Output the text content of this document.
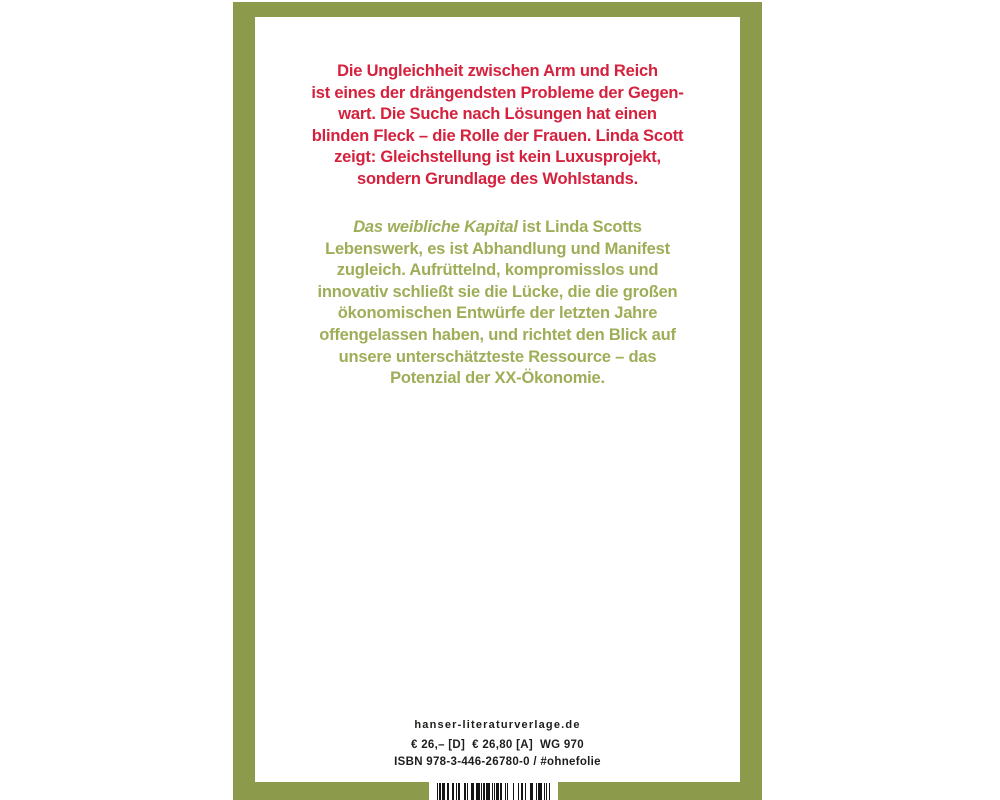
Die Ungleichheit zwischen Arm und Reich
ist eines der drängendsten Probleme der Gegen-
wart. Die Suche nach Lösungen hat einen
blinden Fleck – die Rolle der Frauen. Linda Scott
zeigt: Gleichstellung ist kein Luxusprojekt,
sondern Grundlage des Wohlstands.
Das weibliche Kapital ist Linda Scotts
Lebenswerk, es ist Abhandlung und Manifest
zugleich. Aufrüttelnd, kompromisslos und
innovativ schließt sie die Lücke, die die großen
ökonomischen Entwürfe der letzten Jahre
offengelassen haben, und richtet den Blick auf
unsere unterschätzteste Ressource – das
Potenzial der XX-Ökonomie.
hanser-literaturverlage.de
€ 26,– [D]  € 26,80 [A]  WG 970
ISBN 978-3-446-26780-0 / #ohnefolie
